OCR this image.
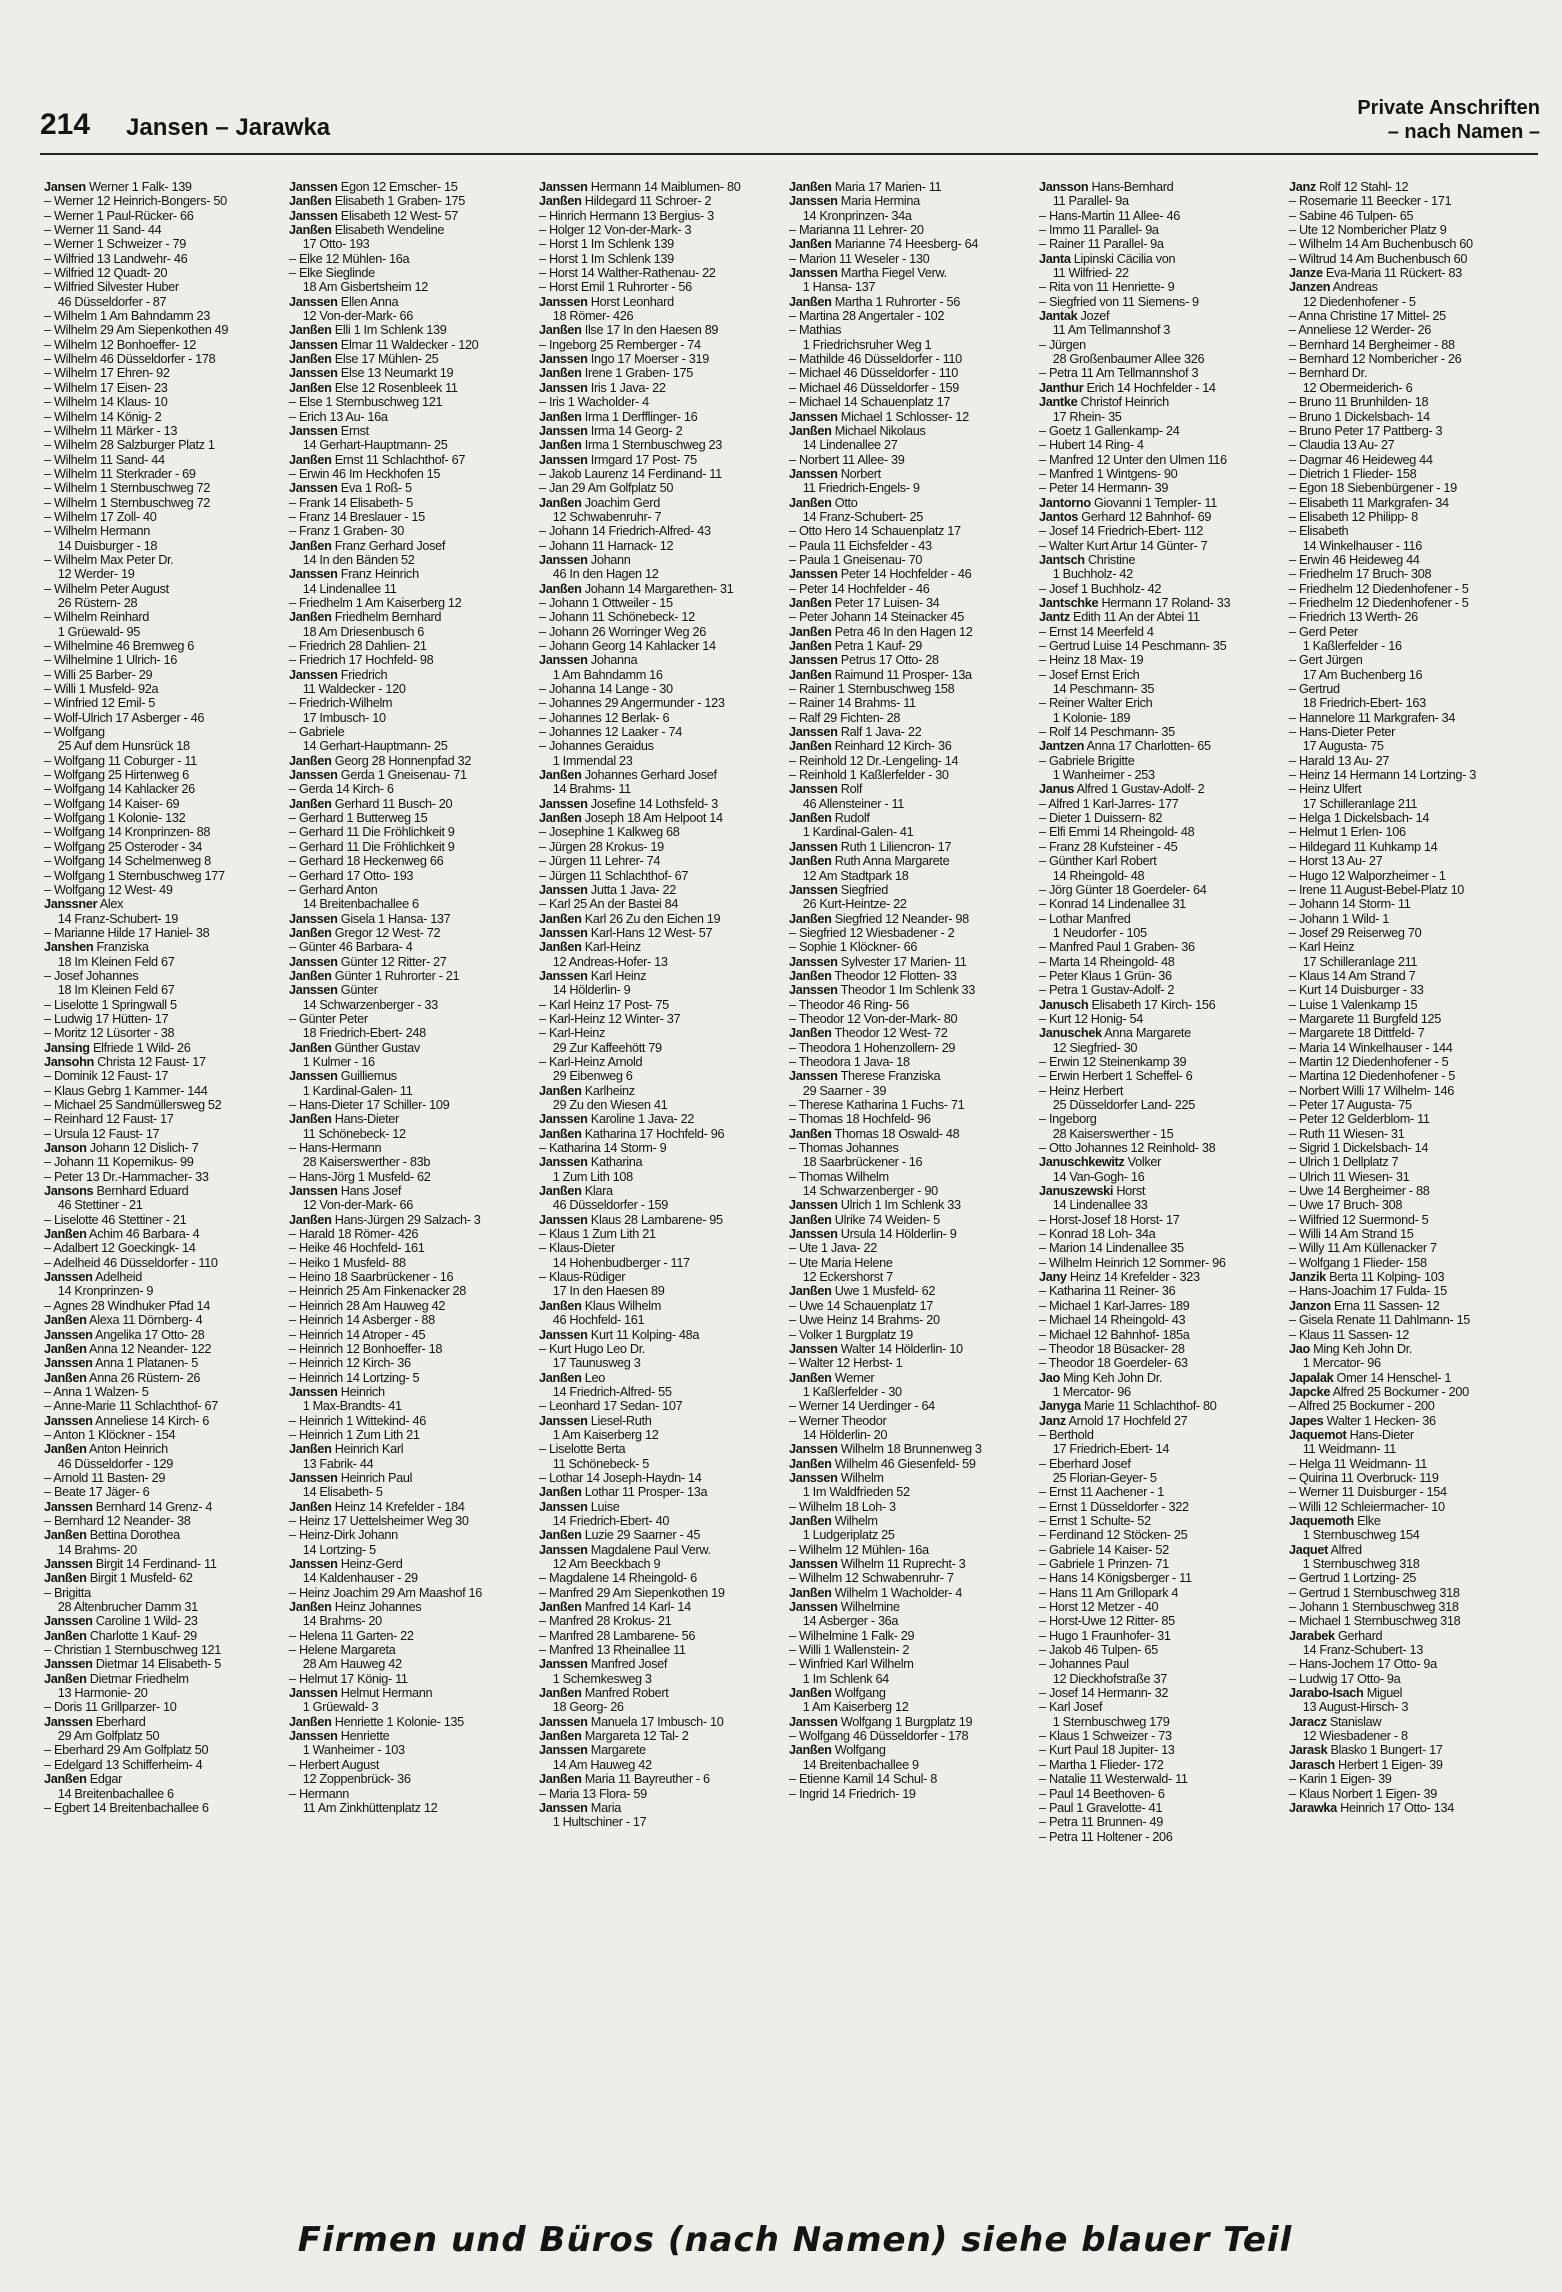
214 Jansen – Jarawka
Private Anschriften
– nach Namen –
Jansen Werner 1 Falk- 139
– Werner 12 Heinrich-Bongers- 50
– Werner 1 Paul-Rücker- 66
– Werner 11 Sand- 44
– Werner 1 Schweizer - 79
– Wilfried 13 Landwehr- 46
– Wilfried 12 Quadt- 20
– Wilfried Silvester Huber
46 Düsseldorfer - 87
– Wilhelm 1 Am Bahndamm 23
– Wilhelm 29 Am Siepenkothen 49
– Wilhelm 12 Bonhoeffer- 12
– Wilhelm 46 Düsseldorfer - 178
– Wilhelm 17 Ehren- 92
– Wilhelm 17 Eisen- 23
– Wilhelm 14 Klaus- 10
– Wilhelm 14 König- 2
– Wilhelm 11 Märker - 13
– Wilhelm 28 Salzburger Platz 1
– Wilhelm 11 Sand- 44
– Wilhelm 11 Sterkrader - 69
– Wilhelm 1 Sternbuschweg 72
– Wilhelm 1 Sternbuschweg 72
– Wilhelm 17 Zoll- 40
– Wilhelm Hermann
14 Duisburger - 18
– Wilhelm Max Peter Dr.
12 Werder- 19
– Wilhelm Peter August
26 Rüstern- 28
– Wilhelm Reinhard
1 Grüewald- 95
– Wilhelmine 46 Bremweg 6
– Wilhelmine 1 Ulrich- 16
– Willi 25 Barber- 29
– Willi 1 Musfeld- 92a
– Winfried 12 Emil- 5
– Wolf-Ulrich 17 Asberger - 46
– Wolfgang
25 Auf dem Hunsrück 18
– Wolfgang 11 Coburger - 11
– Wolfgang 25 Hirtenweg 6
– Wolfgang 14 Kahlacker 26
– Wolfgang 14 Kaiser- 69
– Wolfgang 1 Kolonie- 132
– Wolfgang 14 Kronprinzen- 88
– Wolfgang 25 Osteroder - 34
– Wolfgang 14 Schelmenweg 8
– Wolfgang 1 Sternbuschweg 177
– Wolfgang 12 West- 49
Janssner Alex
14 Franz-Schubert- 19
– Marianne Hilde 17 Haniel- 38
Janshen Franziska
18 Im Kleinen Feld 67
– Josef Johannes
18 Im Kleinen Feld 67
– Liselotte 1 Springwall 5
– Ludwig 17 Hütten- 17
– Moritz 12 Lüsorter - 38
Jansing Elfriede 1 Wild- 26
Jansohn Christa 12 Faust- 17
– Dominik 12 Faust- 17
– Klaus Gebrg 1 Kammer- 144
– Michael 25 Sandmüllersweg 52
– Reinhard 12 Faust- 17
– Ursula 12 Faust- 17
Janson Johann 12 Dislich- 7
– Johann 11 Kopernikus- 99
– Peter 13 Dr.-Hammacher- 33
Jansons Bernhard Eduard
46 Stettiner - 21
– Liselotte 46 Stettiner - 21
Janßen Achim 46 Barbara- 4
– Adalbert 12 Goeckingk- 14
– Adelheid 46 Düsseldorfer - 110
Janssen Adelheid
14 Kronprinzen- 9
– Agnes 28 Windhuker Pfad 14
Janßen Alexa 11 Dörnberg- 4
Janssen Angelika 17 Otto- 28
Janßen Anna 12 Neander- 122
Janssen Anna 1 Platanen- 5
Janßen Anna 26 Rüstern- 26
– Anna 1 Walzen- 5
– Anne-Marie 11 Schlachthof- 67
Janssen Anneliese 14 Kirch- 6
– Anton 1 Klöckner - 154
Janßen Anton Heinrich
46 Düsseldorfer - 129
– Arnold 11 Basten- 29
– Beate 17 Jäger- 6
Janssen Bernhard 14 Grenz- 4
– Bernhard 12 Neander- 38
Janßen Bettina Dorothea
14 Brahms- 20
Janssen Birgit 14 Ferdinand- 11
Janßen Birgit 1 Musfeld- 62
– Brigitta
28 Altenbrucher Damm 31
Janssen Caroline 1 Wild- 23
Janßen Charlotte 1 Kauf- 29
– Christian 1 Sternbuschweg 121
Janssen Dietmar 14 Elisabeth- 5
Janßen Dietmar Friedhelm
13 Harmonie- 20
– Doris 11 Grillparzer- 10
Janssen Eberhard
29 Am Golfplatz 50
– Eberhard 29 Am Golfplatz 50
– Edelgard 13 Schifferheim- 4
Janßen Edgar
14 Breitenbachallee 6
– Egbert 14 Breitenbachallee 6
Janssen Egon 12 Emscher- 15
Janßen Elisabeth 1 Graben- 175
Janssen Elisabeth 12 West- 57
Janßen Elisabeth Wendeline
17 Otto- 193
– Elke 12 Mühlen- 16a
– Elke Sieglinde
18 Am Gisbertsheim 12
Janssen Ellen Anna
12 Von-der-Mark- 66
Janßen Elli 1 Im Schlenk 139
Janssen Elmar 11 Waldecker - 120
Janßen Else 17 Mühlen- 25
Janssen Else 13 Neumarkt 19
Janßen Else 12 Rosenbleek 11
– Else 1 Sternbuschweg 121
– Erich 13 Au- 16a
Janssen Ernst
14 Gerhart-Hauptmann- 25
Janßen Ernst 11 Schlachthof- 67
– Erwin 46 Im Heckhofen 15
Janssen Eva 1 Roß- 5
– Frank 14 Elisabeth- 5
– Franz 14 Breslauer - 15
– Franz 1 Graben- 30
Janßen Franz Gerhard Josef
14 In den Bänden 52
Janssen Franz Heinrich
14 Lindenallee 11
– Friedhelm 1 Am Kaiserberg 12
Janßen Friedhelm Bernhard
18 Am Driesenbusch 6
– Friedrich 28 Dahlien- 21
– Friedrich 17 Hochfeld- 98
Janssen Friedrich
11 Waldecker - 120
– Friedrich-Wilhelm
17 Imbusch- 10
– Gabriele
14 Gerhart-Hauptmann- 25
Janßen Georg 28 Honnenpfad 32
Janssen Gerda 1 Gneisenau- 71
– Gerda 14 Kirch- 6
Janßen Gerhard 11 Busch- 20
– Gerhard 1 Butterweg 15
– Gerhard 11 Die Fröhlichkeit 9
– Gerhard 11 Die Fröhlichkeit 9
– Gerhard 18 Heckenweg 66
– Gerhard 17 Otto- 193
– Gerhard Anton
14 Breitenbachallee 6
Janssen Gisela 1 Hansa- 137
Janßen Gregor 12 West- 72
– Günter 46 Barbara- 4
Janssen Günter 12 Ritter- 27
Janßen Günter 1 Ruhrorter - 21
Janssen Günter
14 Schwarzenberger - 33
– Günter Peter
18 Friedrich-Ebert- 248
Janßen Günther Gustav
1 Kulmer - 16
Janssen Guilliemus
1 Kardinal-Galen- 11
– Hans-Dieter 17 Schiller- 109
Janßen Hans-Dieter
11 Schönebeck- 12
– Hans-Hermann
28 Kaiserswerther - 83b
– Hans-Jörg 1 Musfeld- 62
Janssen Hans Josef
12 Von-der-Mark- 66
Janßen Hans-Jürgen 29 Salzach- 3
– Harald 18 Römer- 426
– Heike 46 Hochfeld- 161
– Heiko 1 Musfeld- 88
– Heino 18 Saarbrückener - 16
– Heinrich 25 Am Finkenacker 28
– Heinrich 28 Am Hauweg 42
– Heinrich 14 Asberger - 88
– Heinrich 14 Atroper - 45
– Heinrich 12 Bonhoeffer- 18
– Heinrich 12 Kirch- 36
– Heinrich 14 Lortzing- 5
Janssen Heinrich
1 Max-Brandts- 41
– Heinrich 1 Wittekind- 46
– Heinrich 1 Zum Lith 21
Janßen Heinrich Karl
13 Fabrik- 44
Janssen Heinrich Paul
14 Elisabeth- 5
Janßen Heinz 14 Krefelder - 184
– Heinz 17 Uettelsheimer Weg 30
– Heinz-Dirk Johann
14 Lortzing- 5
Janssen Heinz-Gerd
14 Kaldenhauser - 29
– Heinz Joachim 29 Am Maashof 16
Janßen Heinz Johannes
14 Brahms- 20
– Helena 11 Garten- 22
– Helene Margareta
28 Am Hauweg 42
– Helmut 17 König- 11
Janssen Helmut Hermann
1 Grüewald- 3
Janßen Henriette 1 Kolonie- 135
Janssen Henriette
1 Wanheimer - 103
– Herbert August
12 Zoppenbrück- 36
– Hermann
11 Am Zinkhüttenplatz 12
Janssen Hermann 14 Maiblumen- 80
Janßen Hildegard 11 Schroer- 2
– Hinrich Hermann 13 Bergius- 3
– Holger 12 Von-der-Mark- 3
– Horst 1 Im Schlenk 139
– Horst 1 Im Schlenk 139
– Horst 14 Walther-Rathenau- 22
– Horst Emil 1 Ruhrorter - 56
Janssen Horst Leonhard
18 Römer- 426
Janßen Ilse 17 In den Haesen 89
– Ingeborg 25 Remberger - 74
Janssen Ingo 17 Moerser - 319
Janßen Irene 1 Graben- 175
Janssen Iris 1 Java- 22
– Iris 1 Wacholder- 4
Janßen Irma 1 Derfflinger- 16
Janssen Irma 14 Georg- 2
Janßen Irma 1 Sternbuschweg 23
Janssen Irmgard 17 Post- 75
– Jakob Laurenz 14 Ferdinand- 11
– Jan 29 Am Golfplatz 50
Janßen Joachim Gerd
12 Schwabenruhr- 7
– Johann 14 Friedrich-Alfred- 43
– Johann 11 Harnack- 12
Janssen Johann
46 In den Hagen 12
Janßen Johann 14 Margarethen- 31
– Johann 1 Ottweiler - 15
– Johann 11 Schönebeck- 12
– Johann 26 Worringer Weg 26
– Johann Georg 14 Kahlacker 14
Janssen Johanna
1 Am Bahndamm 16
– Johanna 14 Lange - 30
– Johannes 29 Angermunder - 123
– Johannes 12 Berlak- 6
– Johannes 12 Laaker - 74
– Johannes Geraidus
1 Immendal 23
Janßen Johannes Gerhard Josef
14 Brahms- 11
Janssen Josefine 14 Lothsfeld- 3
Janßen Joseph 18 Am Helpoot 14
– Josephine 1 Kalkweg 68
– Jürgen 28 Krokus- 19
– Jürgen 11 Lehrer- 74
– Jürgen 11 Schlachthof- 67
Janssen Jutta 1 Java- 22
– Karl 25 An der Bastei 84
Janßen Karl 26 Zu den Eichen 19
Janssen Karl-Hans 12 West- 57
Janßen Karl-Heinz
12 Andreas-Hofer- 13
Janssen Karl Heinz
14 Hölderlin- 9
– Karl Heinz 17 Post- 75
– Karl-Heinz 12 Winter- 37
– Karl-Heinz
29 Zur Kaffeehött 79
– Karl-Heinz Arnold
29 Eibenweg 6
Janßen Karlheinz
29 Zu den Wiesen 41
Janssen Karoline 1 Java- 22
Janßen Katharina 17 Hochfeld- 96
– Katharina 14 Storm- 9
Janssen Katharina
1 Zum Lith 108
Janßen Klara
46 Düsseldorfer - 159
Janssen Klaus 28 Lambarene- 95
– Klaus 1 Zum Lith 21
– Klaus-Dieter
14 Hohenbudberger - 117
– Klaus-Rüdiger
17 In den Haesen 89
Janßen Klaus Wilhelm
46 Hochfeld- 161
Janssen Kurt 11 Kolping- 48a
– Kurt Hugo Leo Dr.
17 Taunusweg 3
Janßen Leo
14 Friedrich-Alfred- 55
– Leonhard 17 Sedan- 107
Janssen Liesel-Ruth
1 Am Kaiserberg 12
– Liselotte Berta
11 Schönebeck- 5
– Lothar 14 Joseph-Haydn- 14
Janßen Lothar 11 Prosper- 13a
Janssen Luise
14 Friedrich-Ebert- 40
Janßen Luzie 29 Saarner - 45
Janssen Magdalene Paul Verw.
12 Am Beeckbach 9
– Magdalene 14 Rheingold- 6
– Manfred 29 Am Siepenkothen 19
Janßen Manfred 14 Karl- 14
– Manfred 28 Krokus- 21
– Manfred 28 Lambarene- 56
– Manfred 13 Rheinallee 11
Janssen Manfred Josef
1 Schemkesweg 3
Janßen Manfred Robert
18 Georg- 26
Janssen Manuela 17 Imbusch- 10
Janßen Margareta 12 Tal- 2
Janssen Margarete
14 Am Hauweg 42
Janßen Maria 11 Bayreuther - 6
– Maria 13 Flora- 59
Janssen Maria
1 Hultschiner - 17
Janßen Maria 17 Marien- 11
Janssen Maria Hermina
14 Kronprinzen- 34a
– Marianna 11 Lehrer- 20
Janßen Marianne 74 Heesberg- 64
– Marion 11 Weseler - 130
Janssen Martha Fiegel Verw.
1 Hansa- 137
Janßen Martha 1 Ruhrorter - 56
– Martina 28 Angertaler - 102
– Mathias
1 Friedrichsruher Weg 1
– Mathilde 46 Düsseldorfer - 110
– Michael 46 Düsseldorfer - 110
– Michael 46 Düsseldorfer - 159
– Michael 14 Schauenplatz 17
Janssen Michael 1 Schlosser- 12
Janßen Michael Nikolaus
14 Lindenallee 27
– Norbert 11 Allee- 39
Janssen Norbert
11 Friedrich-Engels- 9
Janßen Otto
14 Franz-Schubert- 25
– Otto Hero 14 Schauenplatz 17
– Paula 11 Eichsfelder - 43
– Paula 1 Gneisenau- 70
Janssen Peter 14 Hochfelder - 46
– Peter 14 Hochfelder - 46
Janßen Peter 17 Luisen- 34
– Peter Johann 14 Steinacker 45
Janßen Petra 46 In den Hagen 12
Janßen Petra 1 Kauf- 29
Janssen Petrus 17 Otto- 28
Janßen Raimund 11 Prosper- 13a
– Rainer 1 Sternbuschweg 158
– Rainer 14 Brahms- 11
– Ralf 29 Fichten- 28
Janssen Ralf 1 Java- 22
Janßen Reinhard 12 Kirch- 36
– Reinhold 12 Dr.-Lengeling- 14
– Reinhold 1 Kaßlerfelder - 30
Janssen Rolf
46 Allensteiner - 11
Janßen Rudolf
1 Kardinal-Galen- 41
Janssen Ruth 1 Liliencron- 17
Janßen Ruth Anna Margarete
12 Am Stadtpark 18
Janssen Siegfried
26 Kurt-Heintze- 22
Janßen Siegfried 12 Neander- 98
– Siegfried 12 Wiesbadener - 2
– Sophie 1 Klöckner- 66
Janssen Sylvester 17 Marien- 11
Janßen Theodor 12 Flotten- 33
Janssen Theodor 1 Im Schlenk 33
– Theodor 46 Ring- 56
– Theodor 12 Von-der-Mark- 80
Janßen Theodor 12 West- 72
– Theodora 1 Hohenzollern- 29
– Theodora 1 Java- 18
Janssen Therese Franziska
29 Saarner - 39
– Therese Katharina 1 Fuchs- 71
– Thomas 18 Hochfeld- 96
Janßen Thomas 18 Oswald- 48
– Thomas Johannes
18 Saarbrückener - 16
– Thomas Wilhelm
14 Schwarzenberger - 90
Janssen Ulrich 1 Im Schlenk 33
Janßen Ulrike 74 Weiden- 5
Janssen Ursula 14 Hölderlin- 9
– Ute 1 Java- 22
– Ute Maria Helene
12 Eckershorst 7
Janßen Uwe 1 Musfeld- 62
– Uwe 14 Schauenplatz 17
– Uwe Heinz 14 Brahms- 20
– Volker 1 Burgplatz 19
Janssen Walter 14 Hölderlin- 10
– Walter 12 Herbst- 1
Janßen Werner
1 Kaßlerfelder - 30
– Werner 14 Uerdinger - 64
– Werner Theodor
14 Hölderlin- 20
Janssen Wilhelm 18 Brunnenweg 3
Janßen Wilhelm 46 Giesenfeld- 59
Janssen Wilhelm
1 Im Waldfrieden 52
– Wilhelm 18 Loh- 3
Janßen Wilhelm
1 Ludgeriplatz 25
– Wilhelm 12 Mühlen- 16a
Janssen Wilhelm 11 Ruprecht- 3
– Wilhelm 12 Schwabenruhr- 7
Janßen Wilhelm 1 Wacholder- 4
Janssen Wilhelmine
14 Asberger - 36a
– Wilhelmine 1 Falk- 29
– Willi 1 Wallenstein- 2
– Winfried Karl Wilhelm
1 Im Schlenk 64
Janßen Wolfgang
1 Am Kaiserberg 12
Janssen Wolfgang 1 Burgplatz 19
– Wolfgang 46 Düsseldorfer - 178
Janßen Wolfgang
14 Breitenbachallee 9
– Etienne Kamil 14 Schul- 8
– Ingrid 14 Friedrich- 19
Jansson Hans-Bernhard
11 Parallel- 9a
– Hans-Martin 11 Allee- 46
– Immo 11 Parallel- 9a
– Rainer 11 Parallel- 9a
Janta Lipinski Cäcilia von
11 Wilfried- 22
– Rita von 11 Henriette- 9
– Siegfried von 11 Siemens- 9
Jantak Jozef
11 Am Tellmannshof 3
– Jürgen
28 Großenbaumer Allee 326
– Petra 11 Am Tellmannshof 3
Janthur Erich 14 Hochfelder - 14
Jantke Christof Heinrich
17 Rhein- 35
– Goetz 1 Gallenkamp- 24
– Hubert 14 Ring- 4
– Manfred 12 Unter den Ulmen 116
– Manfred 1 Wintgens- 90
– Peter 14 Hermann- 39
Jantorno Giovanni 1 Templer- 11
Jantos Gerhard 12 Bahnhof- 69
– Josef 14 Friedrich-Ebert- 112
– Walter Kurt Artur 14 Günter- 7
Jantsch Christine
1 Buchholz- 42
– Josef 1 Buchholz- 42
Jantschke Hermann 17 Roland- 33
Jantz Edith 11 An der Abtei 11
– Ernst 14 Meerfeld 4
– Gertrud Luise 14 Peschmann- 35
– Heinz 18 Max- 19
– Josef Ernst Erich
14 Peschmann- 35
– Reiner Walter Erich
1 Kolonie- 189
– Rolf 14 Peschmann- 35
Jantzen Anna 17 Charlotten- 65
– Gabriele Brigitte
1 Wanheimer - 253
Janus Alfred 1 Gustav-Adolf- 2
– Alfred 1 Karl-Jarres- 177
– Dieter 1 Duissern- 82
– Elfi Emmi 14 Rheingold- 48
– Franz 28 Kufsteiner - 45
– Günther Karl Robert
14 Rheingold- 48
– Jörg Günter 18 Goerdeler- 64
– Konrad 14 Lindenallee 31
– Lothar Manfred
1 Neudorfer - 105
– Manfred Paul 1 Graben- 36
– Marta 14 Rheingold- 48
– Peter Klaus 1 Grün- 36
– Petra 1 Gustav-Adolf- 2
Janusch Elisabeth 17 Kirch- 156
– Kurt 12 Honig- 54
Januschek Anna Margarete
12 Siegfried- 30
– Erwin 12 Steinenkamp 39
– Erwin Herbert 1 Scheffel- 6
– Heinz Herbert
25 Düsseldorfer Land- 225
– Ingeborg
28 Kaiserswerther - 15
– Otto Johannes 12 Reinhold- 38
Januschkewitz Volker
14 Van-Gogh- 16
Januszewski Horst
14 Lindenallee 33
– Horst-Josef 18 Horst- 17
– Konrad 18 Loh- 34a
– Marion 14 Lindenallee 35
– Wilhelm Heinrich 12 Sommer- 96
Jany Heinz 14 Krefelder - 323
– Katharina 11 Reiner- 36
– Michael 1 Karl-Jarres- 189
– Michael 14 Rheingold- 43
– Michael 12 Bahnhof- 185a
– Theodor 18 Büsacker- 28
– Theodor 18 Goerdeler- 63
Jao Ming Keh John Dr.
1 Mercator- 96
Janyga Marie 11 Schlachthof- 80
Janz Arnold 17 Hochfeld 27
– Berthold
17 Friedrich-Ebert- 14
– Eberhard Josef
25 Florian-Geyer- 5
– Ernst 11 Aachener - 1
– Ernst 1 Düsseldorfer - 322
– Ernst 1 Schulte- 52
– Ferdinand 12 Stöcken- 25
– Gabriele 14 Kaiser- 52
– Gabriele 1 Prinzen- 71
– Hans 14 Königsberger - 11
– Hans 11 Am Grillopark 4
– Horst 12 Metzer - 40
– Horst-Uwe 12 Ritter- 85
– Hugo 1 Fraunhofer- 31
– Jakob 46 Tulpen- 65
– Johannes Paul
12 Dieckhofstraße 37
– Josef 14 Hermann- 32
– Karl Josef
1 Sternbuschweg 179
– Klaus 1 Schweizer - 73
– Kurt Paul 18 Jupiter- 13
– Martha 1 Flieder- 172
– Natalie 11 Westerwald- 11
– Paul 14 Beethoven- 6
– Paul 1 Gravelotte- 41
– Petra 11 Brunnen- 49
– Petra 11 Holtener - 206
Janz Rolf 12 Stahl- 12
– Rosemarie 11 Beecker - 171
– Sabine 46 Tulpen- 65
– Ute 12 Nombericher Platz 9
– Wilhelm 14 Am Buchenbusch 60
– Wiltrud 14 Am Buchenbusch 60
Janze Eva-Maria 11 Rückert- 83
Janzen Andreas
12 Diedenhofener - 5
– Anna Christine 17 Mittel- 25
– Anneliese 12 Werder- 26
– Bernhard 14 Bergheimer - 88
– Bernhard 12 Nombericher - 26
– Bernhard Dr.
12 Obermeiderich- 6
– Bruno 11 Brunhilden- 18
– Bruno 1 Dickelsbach- 14
– Bruno Peter 17 Pattberg- 3
– Claudia 13 Au- 27
– Dagmar 46 Heideweg 44
– Dietrich 1 Flieder- 158
– Egon 18 Siebenbürgener - 19
– Elisabeth 11 Markgrafen- 34
– Elisabeth 12 Philipp- 8
– Elisabeth
14 Winkelhauser - 116
– Erwin 46 Heideweg 44
– Friedhelm 17 Bruch- 308
– Friedhelm 12 Diedenhofener - 5
– Friedhelm 12 Diedenhofener - 5
– Friedrich 13 Werth- 26
– Gerd Peter
1 Kaßlerfelder - 16
– Gert Jürgen
17 Am Buchenberg 16
– Gertrud
18 Friedrich-Ebert- 163
– Hannelore 11 Markgrafen- 34
– Hans-Dieter Peter
17 Augusta- 75
– Harald 13 Au- 27
– Heinz 14 Hermann 14 Lortzing- 3
– Heinz Ulfert
17 Schilleranlage 211
– Helga 1 Dickelsbach- 14
– Helmut 1 Erlen- 106
– Hildegard 11 Kuhkamp 14
– Horst 13 Au- 27
– Hugo 12 Walporzheimer - 1
– Irene 11 August-Bebel-Platz 10
– Johann 14 Storm- 11
– Johann 1 Wild- 1
– Josef 29 Reiserweg 70
– Karl Heinz
17 Schilleranlage 211
– Klaus 14 Am Strand 7
– Kurt 14 Duisburger - 33
– Luise 1 Valenkamp 15
– Margarete 11 Burgfeld 125
– Margarete 18 Dittfeld- 7
– Maria 14 Winkelhauser - 144
– Martin 12 Diedenhofener - 5
– Martina 12 Diedenhofener - 5
– Norbert Willi 17 Wilhelm- 146
– Peter 17 Augusta- 75
– Peter 12 Gelderblom- 11
– Ruth 11 Wiesen- 31
– Sigrid 1 Dickelsbach- 14
– Ulrich 1 Dellplatz 7
– Ulrich 11 Wiesen- 31
– Uwe 14 Bergheimer - 88
– Uwe 17 Bruch- 308
– Wilfried 12 Suermond- 5
– Willi 14 Am Strand 15
– Willy 11 Am Küllenacker 7
– Wolfgang 1 Flieder- 158
Janzik Berta 11 Kolping- 103
– Hans-Joachim 17 Fulda- 15
Janzon Erna 11 Sassen- 12
– Gisela Renate 11 Dahlmann- 15
– Klaus 11 Sassen- 12
Jao Ming Keh John Dr.
1 Mercator- 96
Japalak Omer 14 Henschel- 1
Japcke Alfred 25 Bockumer - 200
– Alfred 25 Bockumer - 200
Japes Walter 1 Hecken- 36
Jaquemot Hans-Dieter
11 Weidmann- 11
– Helga 11 Weidmann- 11
– Quirina 11 Overbruck- 119
– Werner 11 Duisburger - 154
– Willi 12 Schleiermacher- 10
Jaquemoth Elke
1 Sternbuschweg 154
Jaquet Alfred
1 Sternbuschweg 318
– Gertrud 1 Lortzing- 25
– Gertrud 1 Sternbuschweg 318
– Johann 1 Sternbuschweg 318
– Michael 1 Sternbuschweg 318
Jarabek Gerhard
14 Franz-Schubert- 13
– Hans-Jochem 17 Otto- 9a
– Ludwig 17 Otto- 9a
Jarabo-Isach Miguel
13 August-Hirsch- 3
Jaracz Stanislaw
12 Wiesbadener - 8
Jarask Blasko 1 Bungert- 17
Jarasch Herbert 1 Eigen- 39
– Karin 1 Eigen- 39
– Klaus Norbert 1 Eigen- 39
Jarawka Heinrich 17 Otto- 134
Firmen und Büros (nach Namen) siehe blauer Teil
